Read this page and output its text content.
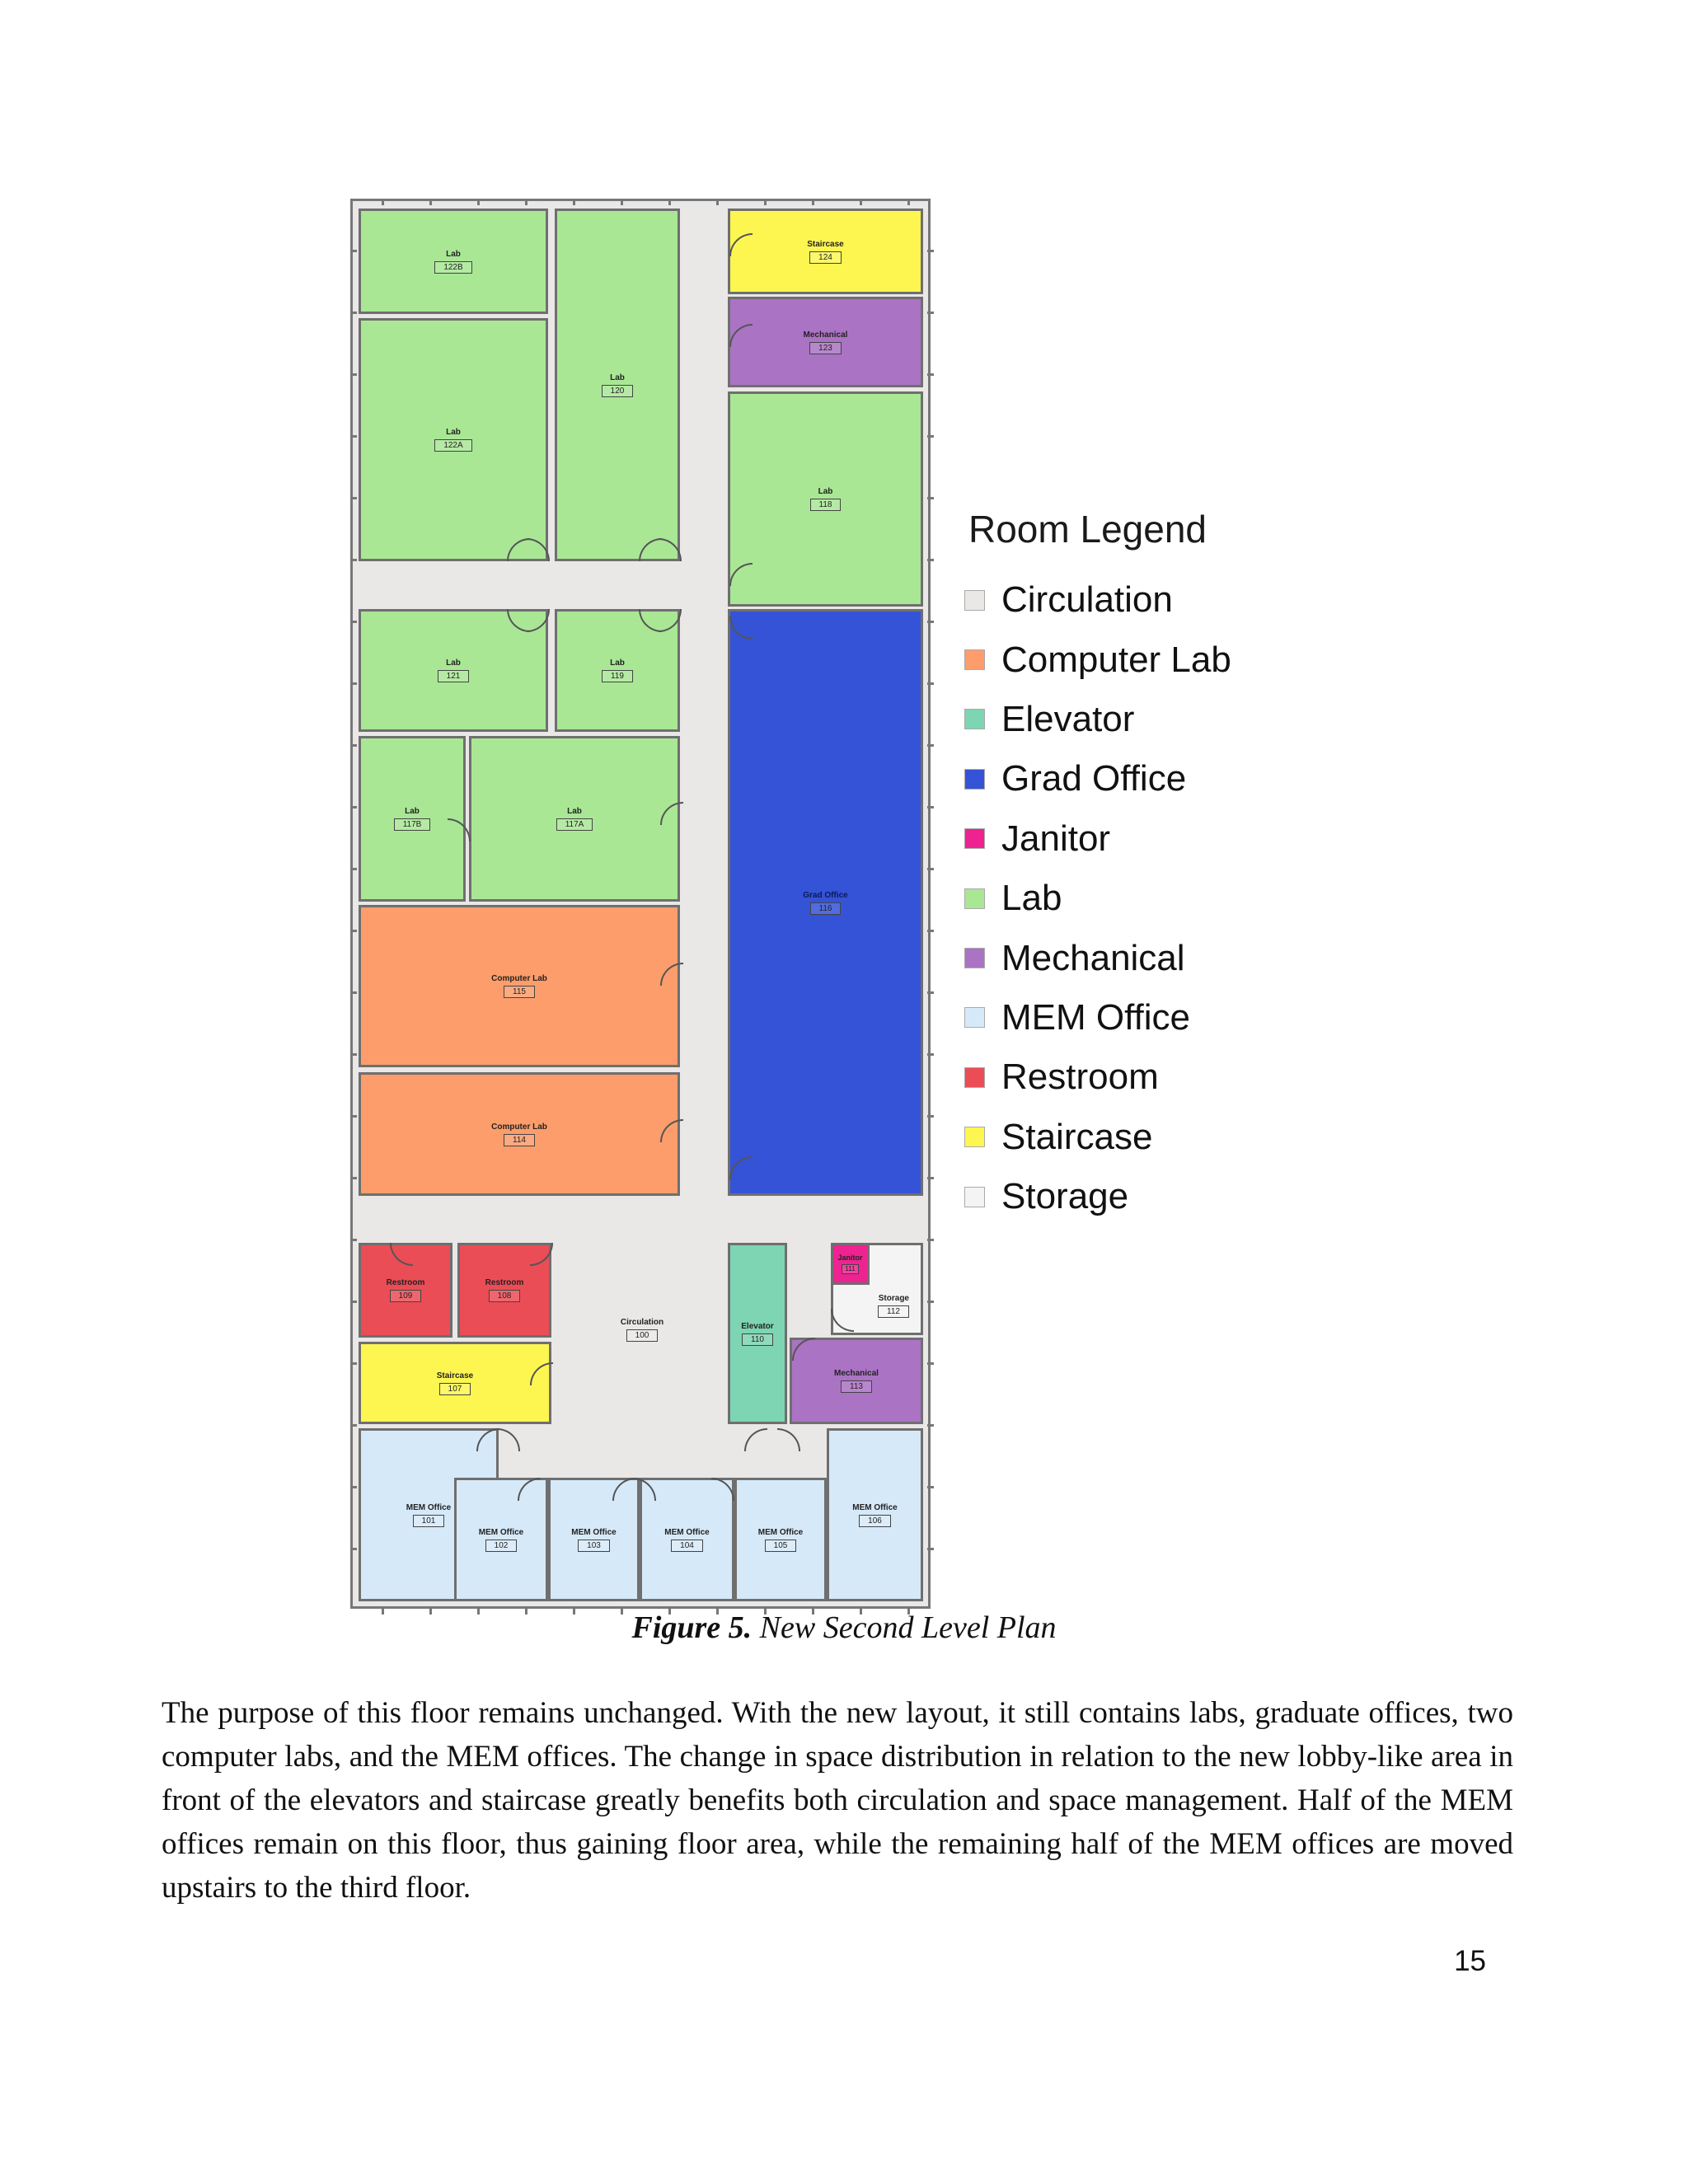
Lab
122B
Lab
122A
Lab
120
Staircase
124
Mechanical
123
Lab
118
Lab
121
Lab
119
Lab
117B
Lab
117A
Grad Office
116
Computer Lab
115
Computer Lab
114
Restroom
109
Restroom
108
Staircase
107
Circulation
100
Elevator
110
Storage
112
Janitor
111
Mechanical
113
MEM Office
101
MEM Office
106
MEM Office
102
MEM Office
103
MEM Office
104
MEM Office
105
Room Legend
Circulation
Computer Lab
Elevator
Grad Office
Janitor
Lab
Mechanical
MEM Office
Restroom
Staircase
Storage
Figure 5. New Second Level Plan

The purpose of this floor remains unchanged. With the new layout, it still contains labs, graduate offices, two computer labs, and the MEM offices. The change in space distribution in relation to the new lobby-like area in front of the elevators and staircase greatly benefits both circulation and space management. Half of the MEM offices remain on this floor, thus gaining floor area, while the remaining half of the MEM offices are moved upstairs to the third floor.

15
